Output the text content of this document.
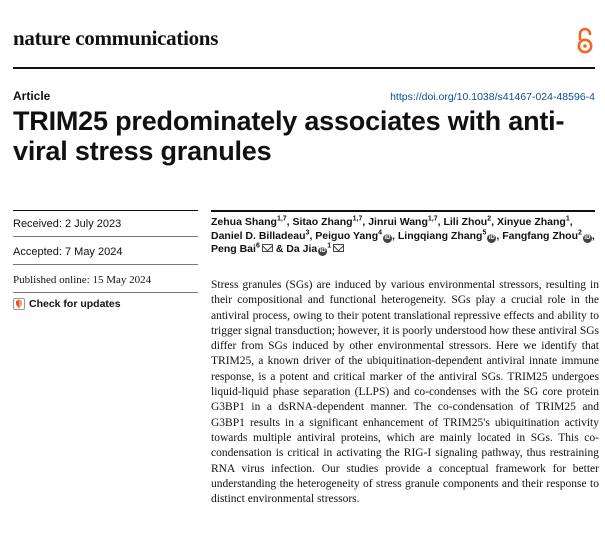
nature communications
Article	https://doi.org/10.1038/s41467-024-48596-4
TRIM25 predominately associates with anti-viral stress granules
Received: 2 July 2023
Accepted: 7 May 2024
Published online: 15 May 2024
Check for updates
Zehua Shang$^{1,7}$, Sitao Zhang$^{1,7}$, Jinrui Wang$^{1,7}$, Lili Zhou$^2$, Xinyue Zhang$^1$, Daniel D. Billadeau$^3$, Peiguo Yang$^4$iD , Lingqiang Zhang$^5$iD , Fangfang Zhou$^2$iD , Peng Bai$^6$ & Da Jia $iD^1$

Stress granules (SGs) are induced by various environmental stressors, resulting in their compositional and functional heterogeneity. SGs play a crucial role in the antiviral process, owing to their potent translational repressive effects and ability to trigger signal transduction; however, it is poorly understood how these antiviral SGs differ from SGs induced by other environmental stressors. Here we identify that TRIM25, a known driver of the ubiquitination-dependent antiviral innate immune response, is a potent and critical marker of the antiviral SGs. TRIM25 undergoes liquid-liquid phase separation (LLPS) and co-condenses with the SG core protein G3BP1 in a dsRNA-dependent manner. The co-condensation of TRIM25 and G3BP1 results in a significant enhancement of TRIM25's ubiquitination activity towards multiple antiviral proteins, which are mainly located in SGs. This co-condensation is critical in activating the RIG-I signaling pathway, thus restraining RNA virus infection. Our studies provide a conceptual framework for better understanding the heterogeneity of stress granule components and their response to distinct environmental stressors.
